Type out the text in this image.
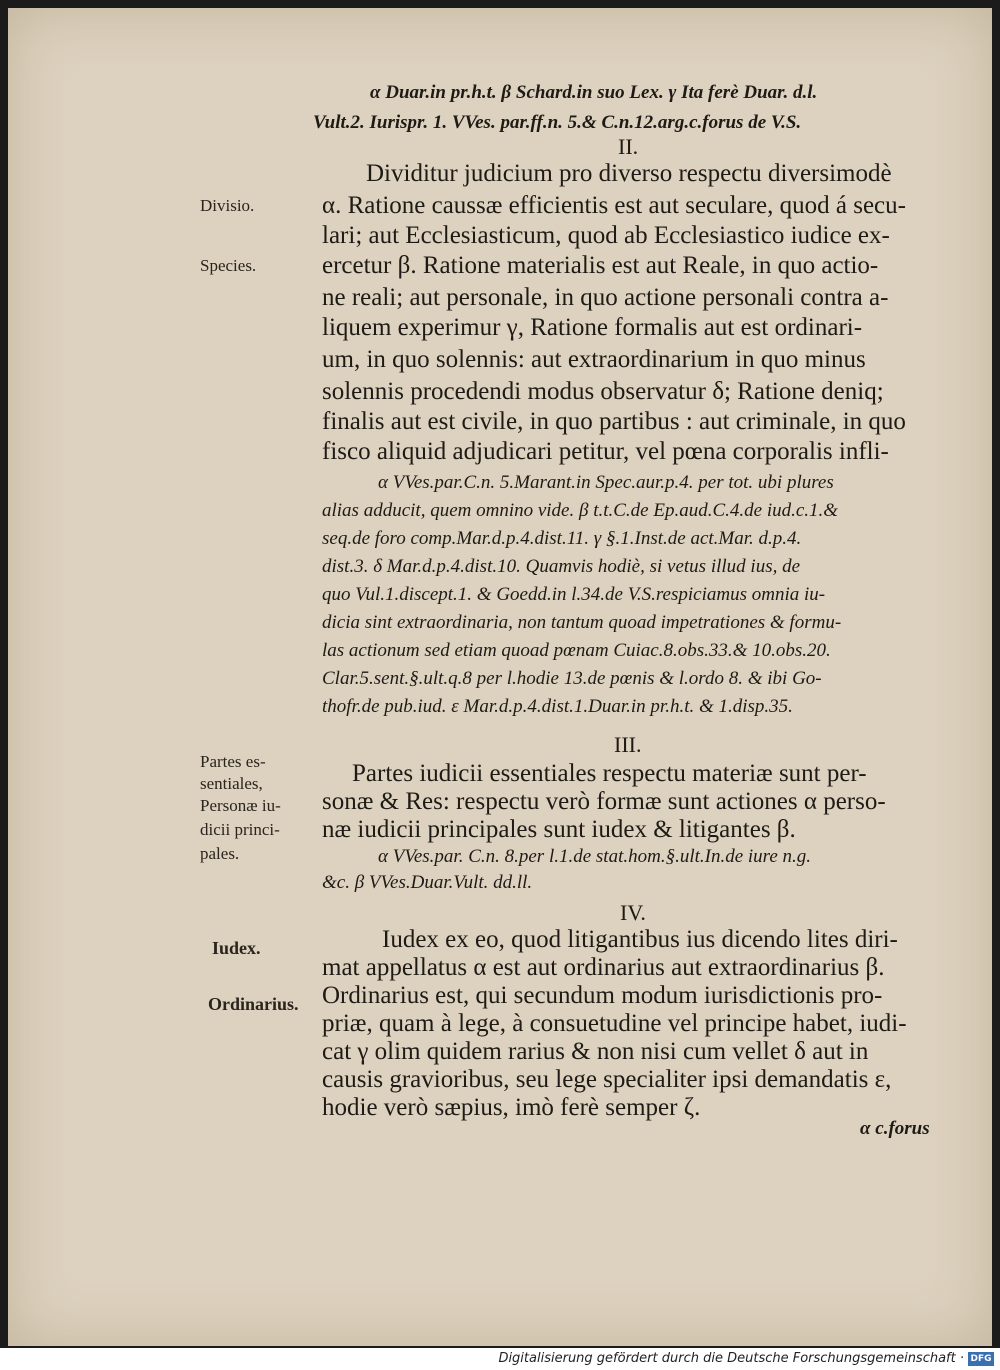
α Duar.in pr.h.t. β Schard.in suo Lex. γ Ita ferè Duar. d.l.
Vult.2. Iurispr. 1. VVes. par.ff.n. 5.& C.n.12.arg.c.forus de V.S.
II.
Dividitur judicium pro diverso respectu diversimodè
α. Ratione caussæ efficientis est aut seculare, quod á secu-
lari; aut Ecclesiasticum, quod ab Ecclesiastico iudice ex-
ercetur β. Ratione materialis est aut Reale, in quo actio-
ne reali; aut personale, in quo actione personali contra a-
liquem experimur γ, Ratione formalis aut est ordinari-
um, in quo solennis: aut extraordinarium in quo minus
solennis procedendi modus observatur δ; Ratione deniq;
finalis aut est civile, in quo partibus : aut criminale, in quo
fisco aliquid adjudicari petitur, vel pœna corporalis infli-
Divisio.
Species.
α VVes.par.C.n. 5.Marant.in Spec.aur.p.4. per tot. ubi plures
alias adducit, quem omnino vide. β t.t.C.de Ep.aud.C.4.de iud.c.1.&
seq.de foro comp.Mar.d.p.4.dist.11. γ §.1.Inst.de act.Mar. d.p.4.
dist.3. δ Mar.d.p.4.dist.10. Quamvis hodiè, si vetus illud ius, de
quo Vul.1.discept.1. & Goedd.in l.34.de V.S.respiciamus omnia iu-
dicia sint extraordinaria, non tantum quoad impetrationes & formu-
las actionum sed etiam quoad pœnam Cuiac.8.obs.33.& 10.obs.20.
Clar.5.sent.§.ult.q.8 per l.hodie 13.de pœnis & l.ordo 8. & ibi Go-
thofr.de pub.iud. ε Mar.d.p.4.dist.1.Duar.in pr.h.t. & 1.disp.35.
III.
Partes iudicii essentiales respectu materiæ sunt per-
sonæ & Res: respectu verò formæ sunt actiones α perso-
næ iudicii principales sunt iudex & litigantes β.
Partes es-
sentiales,
Personæ iu-
dicii princi-
pales.	α VVes.par. C.n. 8.per l.1.de stat.hom.§.ult.In.de iure n.g.
&c. β VVes.Duar.Vult. dd.ll.
IV.
Iudex ex eo, quod litigantibus ius dicendo lites diri-
mat appellatus α est aut ordinarius aut extraordinarius β.
Ordinarius est, qui secundum modum iurisdictionis pro-
priæ, quam à lege, à consuetudine vel principe habet, iudi-
cat γ olim quidem rarius & non nisi cum vellet δ aut in
causis gravioribus, seu lege specialiter ipsi demandatis ε,
hodie verò sæpius, imò ferè semper ζ.
Iudex.
Ordinarius.
α c.forus
Digitalisierung gefördert durch die Deutsche Forschungsgemeinschaft · DFG
